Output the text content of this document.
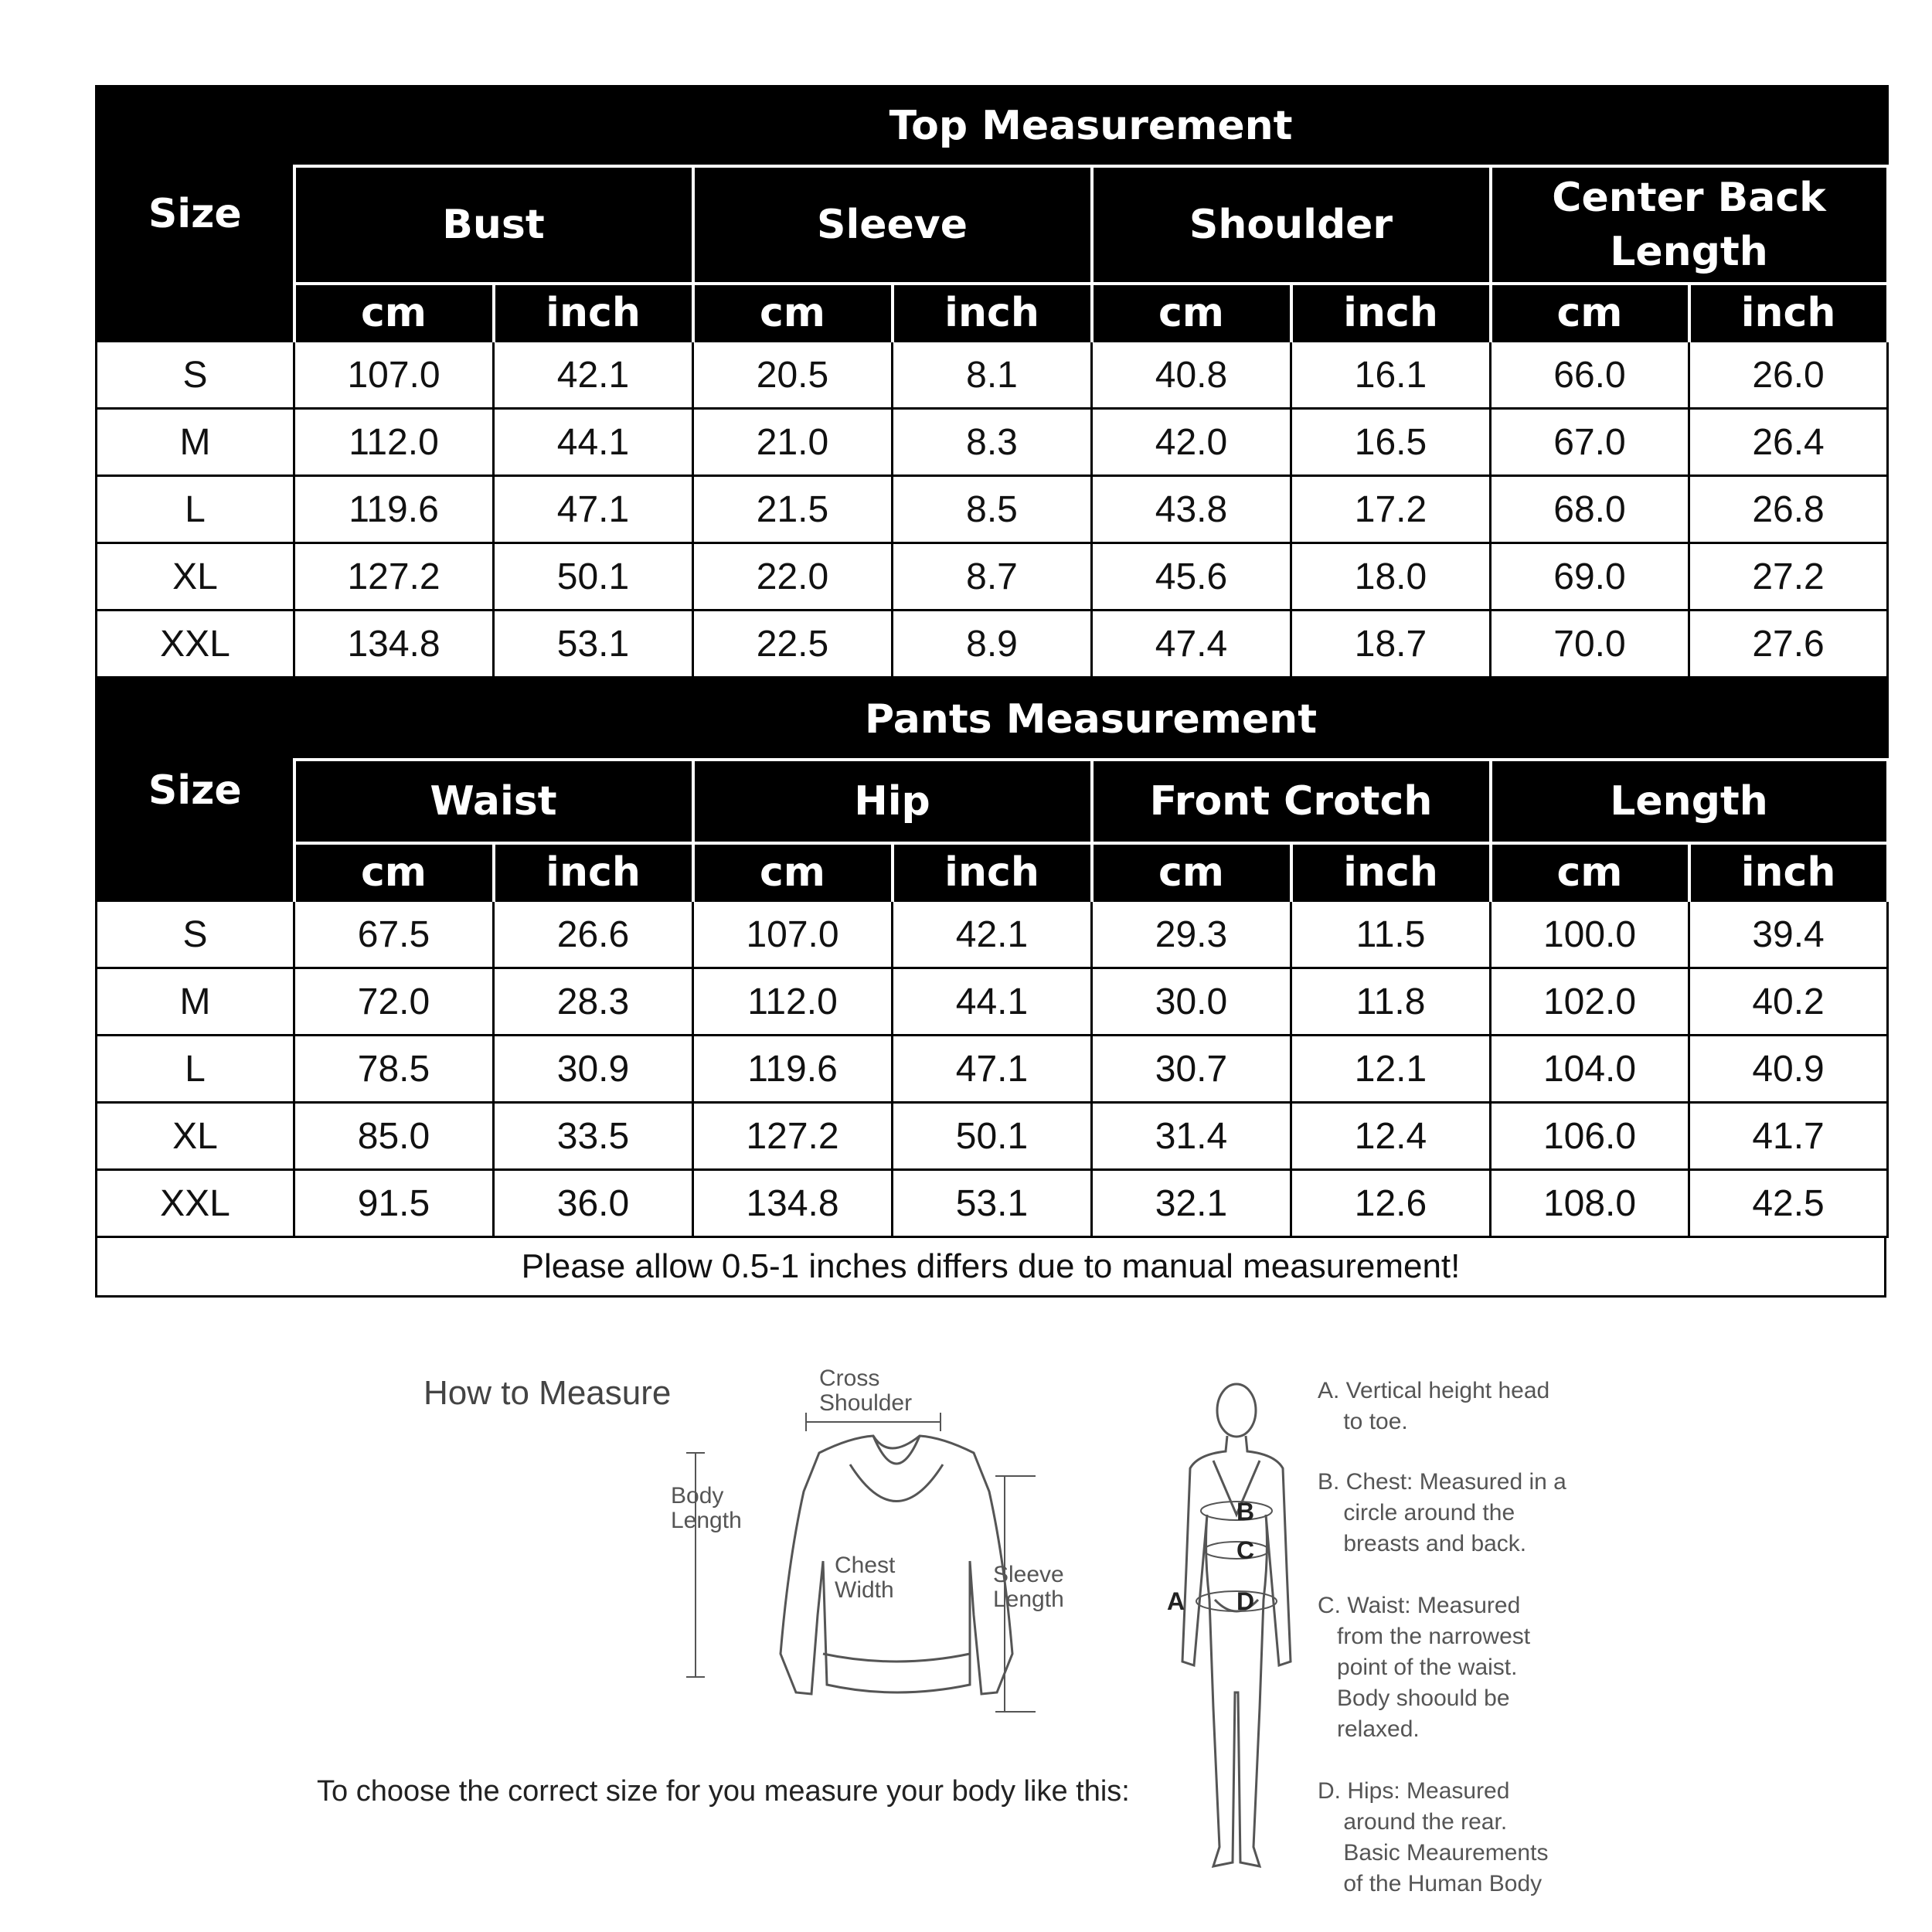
Size	Top Measurement							
	Bust		Sleeve		Shoulder		Center Back Length	
	cm	inch	cm	inch	cm	inch	cm	inch
S	107.0	42.1	20.5	8.1	40.8	16.1	66.0	26.0
M	112.0	44.1	21.0	8.3	42.0	16.5	67.0	26.4
L	119.6	47.1	21.5	8.5	43.8	17.2	68.0	26.8
XL	127.2	50.1	22.0	8.7	45.6	18.0	69.0	27.2
XXL	134.8	53.1	22.5	8.9	47.4	18.7	70.0	27.6
Size	Pants Measurement							
	Waist		Hip		Front Crotch		Length	
	cm	inch	cm	inch	cm	inch	cm	inch
S	67.5	26.6	107.0	42.1	29.3	11.5	100.0	39.4
M	72.0	28.3	112.0	44.1	30.0	11.8	102.0	40.2
L	78.5	30.9	119.6	47.1	30.7	12.1	104.0	40.9
XL	85.0	33.5	127.2	50.1	31.4	12.4	106.0	41.7
XXL	91.5	36.0	134.8	53.1	32.1	12.6	108.0	42.5
Please allow 0.5-1 inches differs due to manual measurement!
How to Measure
To choose the correct size for you measure your body like this:
Cross
Shoulder
Body
Length
Chest
Width
Sleeve
Length
B
C
A D
A. Vertical height head
to toe.
B. Chest: Measured in a
circle around the
breasts and back.
C. Waist: Measured
from the narrowest
point of the waist.
Body shoould be
relaxed.
D. Hips: Measured
around the rear.
Basic Meaurements
of the Human Body
